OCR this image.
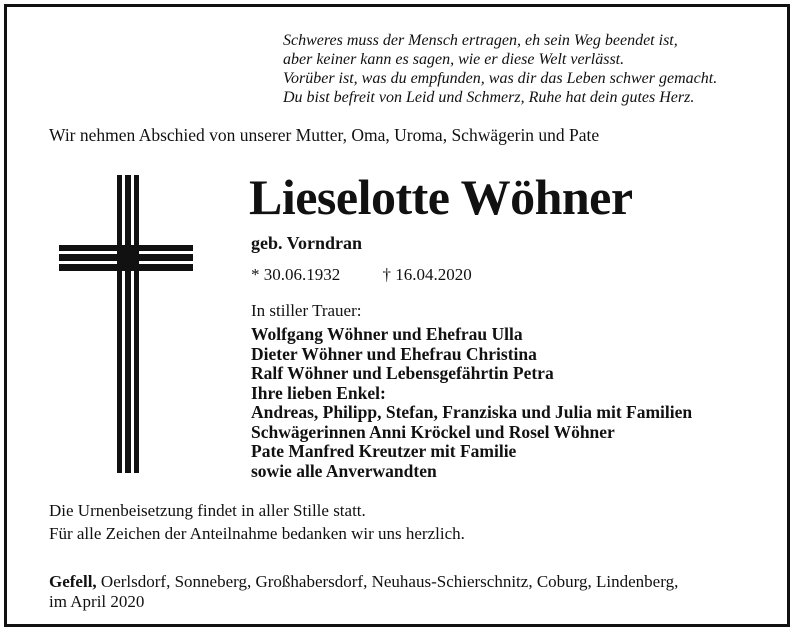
Schweres muss der Mensch ertragen, eh sein Weg beendet ist,
aber keiner kann es sagen, wie er diese Welt verlässt.
Vorüber ist, was du empfunden, was dir das Leben schwer gemacht.
Du bist befreit von Leid und Schmerz, Ruhe hat dein gutes Herz.
Wir nehmen Abschied von unserer Mutter, Oma, Uroma, Schwägerin und Pate
Lieselotte Wöhner
geb. Vorndran
* 30.06.1932 † 16.04.2020
In stiller Trauer:
Wolfgang Wöhner und Ehefrau Ulla
Dieter Wöhner und Ehefrau Christina
Ralf Wöhner und Lebensgefährtin Petra
Ihre lieben Enkel:
Andreas, Philipp, Stefan, Franziska und Julia mit Familien
Schwägerinnen Anni Kröckel und Rosel Wöhner
Pate Manfred Kreutzer mit Familie
sowie alle Anverwandten
Die Urnenbeisetzung findet in aller Stille statt.
Für alle Zeichen der Anteilnahme bedanken wir uns herzlich.
Gefell, Oerlsdorf, Sonneberg, Großhabersdorf, Neuhaus-Schierschnitz, Coburg, Lindenberg,
im April 2020
